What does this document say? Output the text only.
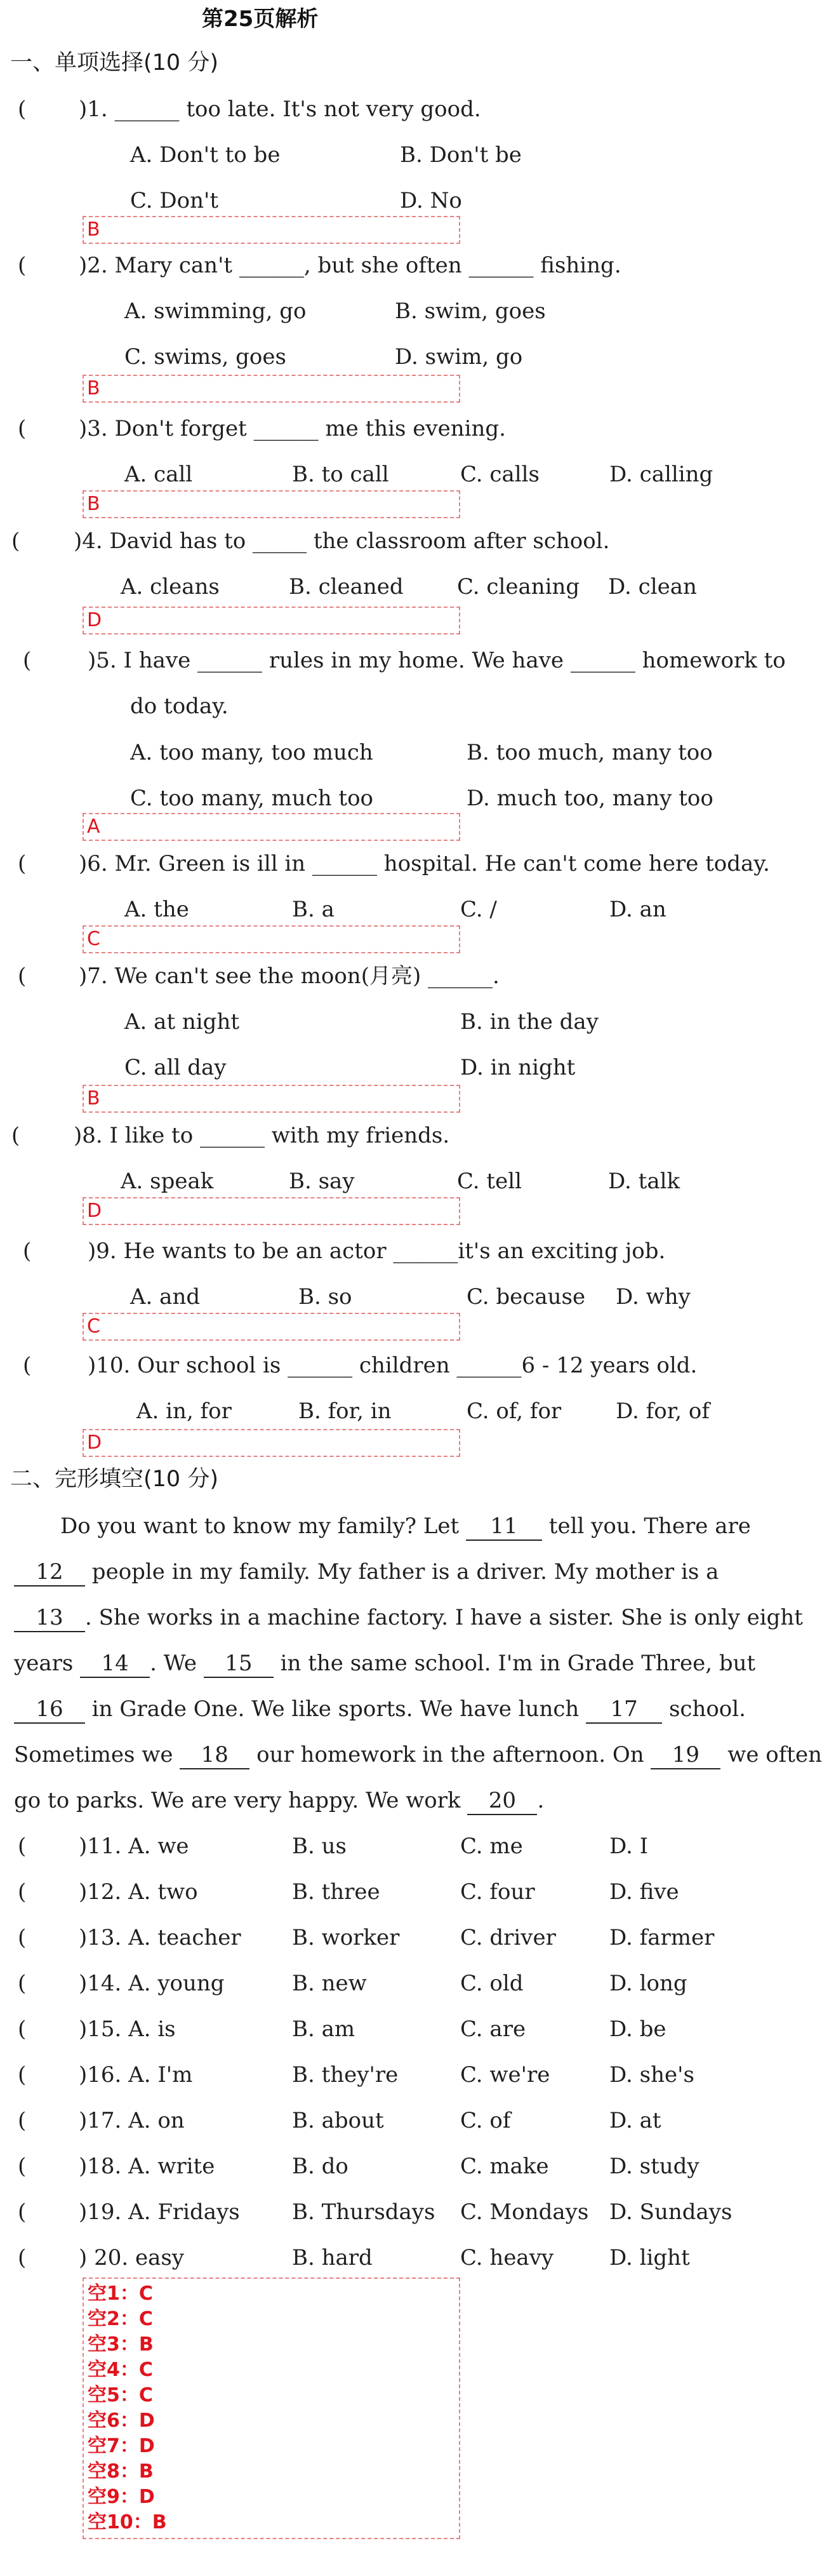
第25页解析
一、单项选择(10 分)
( )1. ______ too late. It's not very good.
A. Don't to be	B. Don't be
C. Don't	D. No
B
( )2. Mary can't ______, but she often ______ fishing.
A. swimming, go	B. swim, goes
C. swims, goes	D. swim, go
B
( )3. Don't forget ______ me this evening.
A. call	B. to call	C. calls	D. calling
B
( )4. David has to _____ the classroom after school.
A. cleans	B. cleaned C. cleaning D. clean
D
(	)5. I have ______ rules in my home. We have ______ homework to
do today.
A. too many, too much	B. too much, many too
C. too many, much too	D. much too, many too
A
( )6. Mr. Green is ill in ______ hospital. He can't come here today.
A. the	B. a	C. /	D. an
C
( )7. We can't see the moon(月亮) ______.
A. at night	B. in the day
C. all day	D. in night
B
( )8. I like to ______ with my friends.
A. speak	B. say	C. tell	D. talk
D
(	)9. He wants to be an actor ______it's an exciting job.
A. and	B. so	C. because D. why
C
(	)10. Our school is ______ children ______6 - 12 years old.
A. in, for	B. for, in	C. of, for	D. for, of
D
二、完形填空(10 分)
Do you want to know my family? Let 11 tell you. There are
12 people in my family. My father is a driver. My mother is a
13 . She works in a machine factory. I have a sister. She is only eight
years 14 . We 15 in the same school. I'm in Grade Three, but
16 in Grade One. We like sports. We have lunch 17 school.
Sometimes we 18 our homework in the afternoon. On 19 we often
go to parks. We are very happy. We work 20 .
( )11. A. we	B. us	C. me	D. I
( )12. A. two	B. three	C. four	D. five
( )13. A. teacher B. worker	C. driver D. farmer
( )14. A. young	B. new	C. old	D. long
( )15. A. is	B. am	C. are	D. be
( )16. A. I'm	B. they're	C. we're	D. she's
( )17. A. on	B. about	C. of	D. at
( )18. A. write	B. do	C. make	D. study
( )19. A. Fridays B. Thursdays C. Mondays D. Sundays
( ) 20. easy	B. hard	C. heavy	D. light
空1：C
空2：C
空3：B
空4：C
空5：C
空6：D
空7：D
空8：B
空9：D
空10：B
